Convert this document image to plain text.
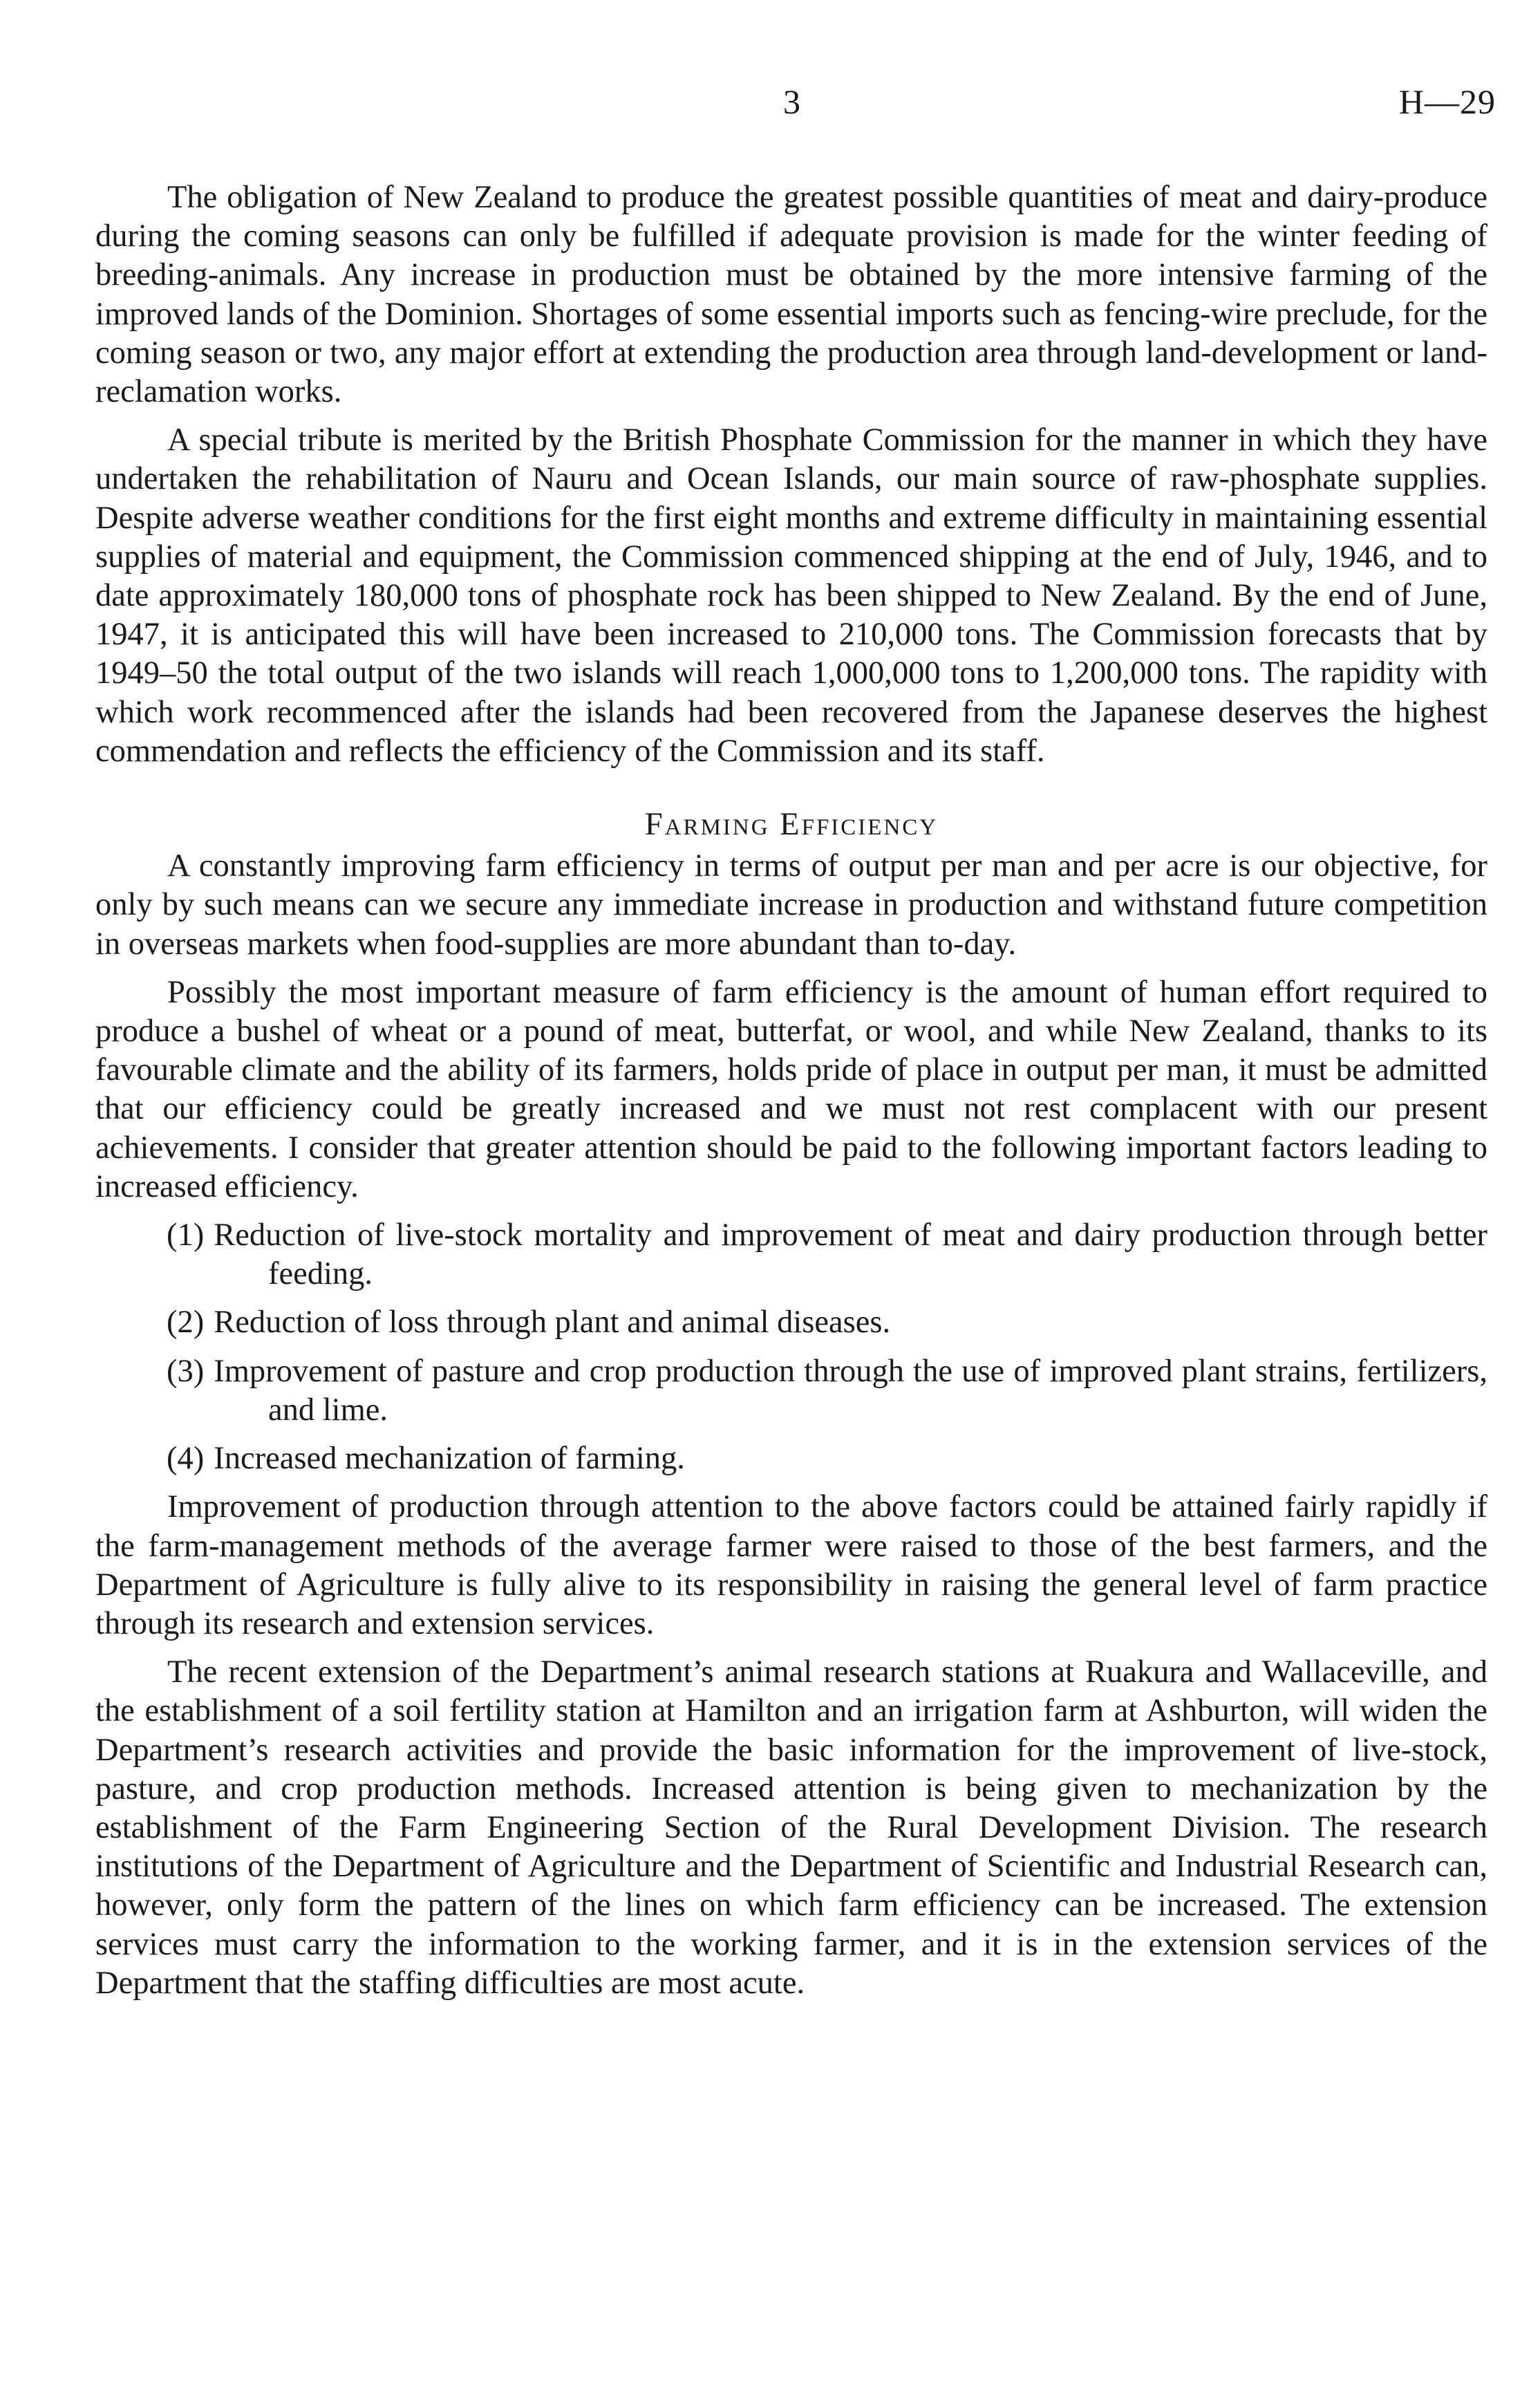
3	H—29

The obligation of New Zealand to produce the greatest possible quantities of meat and dairy-produce during the coming seasons can only be fulfilled if adequate provision is made for the winter feeding of breeding-animals. Any increase in production must be obtained by the more intensive farming of the improved lands of the Dominion. Shortages of some essential imports such as fencing-wire preclude, for the coming season or two, any major effort at extending the production area through land-development or land-reclamation works.

A special tribute is merited by the British Phosphate Commission for the manner in which they have undertaken the rehabilitation of Nauru and Ocean Islands, our main source of raw-phosphate supplies. Despite adverse weather conditions for the first eight months and extreme difficulty in maintaining essential supplies of material and equipment, the Commission commenced shipping at the end of July, 1946, and to date approximately 180,000 tons of phosphate rock has been shipped to New Zealand. By the end of June, 1947, it is anticipated this will have been increased to 210,000 tons. The Commission forecasts that by 1949–50 the total output of the two islands will reach 1,000,000 tons to 1,200,000 tons. The rapidity with which work recommenced after the islands had been recovered from the Japanese deserves the highest commendation and reflects the efficiency of the Commission and its staff.

Farming Efficiency

A constantly improving farm efficiency in terms of output per man and per acre is our objective, for only by such means can we secure any immediate increase in production and withstand future competition in overseas markets when food-supplies are more abundant than to-day.

Possibly the most important measure of farm efficiency is the amount of human effort required to produce a bushel of wheat or a pound of meat, butterfat, or wool, and while New Zealand, thanks to its favourable climate and the ability of its farmers, holds pride of place in output per man, it must be admitted that our efficiency could be greatly increased and we must not rest complacent with our present achievements. I consider that greater attention should be paid to the following important factors leading to increased efficiency.

(1) Reduction of live-stock mortality and improvement of meat and dairy production through better feeding.
(2) Reduction of loss through plant and animal diseases.
(3) Improvement of pasture and crop production through the use of improved plant strains, fertilizers, and lime.
(4) Increased mechanization of farming.

Improvement of production through attention to the above factors could be attained fairly rapidly if the farm-management methods of the average farmer were raised to those of the best farmers, and the Department of Agriculture is fully alive to its responsibility in raising the general level of farm practice through its research and extension services.

The recent extension of the Department’s animal research stations at Ruakura and Wallaceville, and the establishment of a soil fertility station at Hamilton and an irrigation farm at Ashburton, will widen the Department’s research activities and provide the basic information for the improvement of live-stock, pasture, and crop production methods. Increased attention is being given to mechanization by the establishment of the Farm Engineering Section of the Rural Development Division. The research institutions of the Department of Agriculture and the Department of Scientific and Industrial Research can, however, only form the pattern of the lines on which farm efficiency can be increased. The extension services must carry the information to the working farmer, and it is in the extension services of the Department that the staffing difficulties are most acute.
